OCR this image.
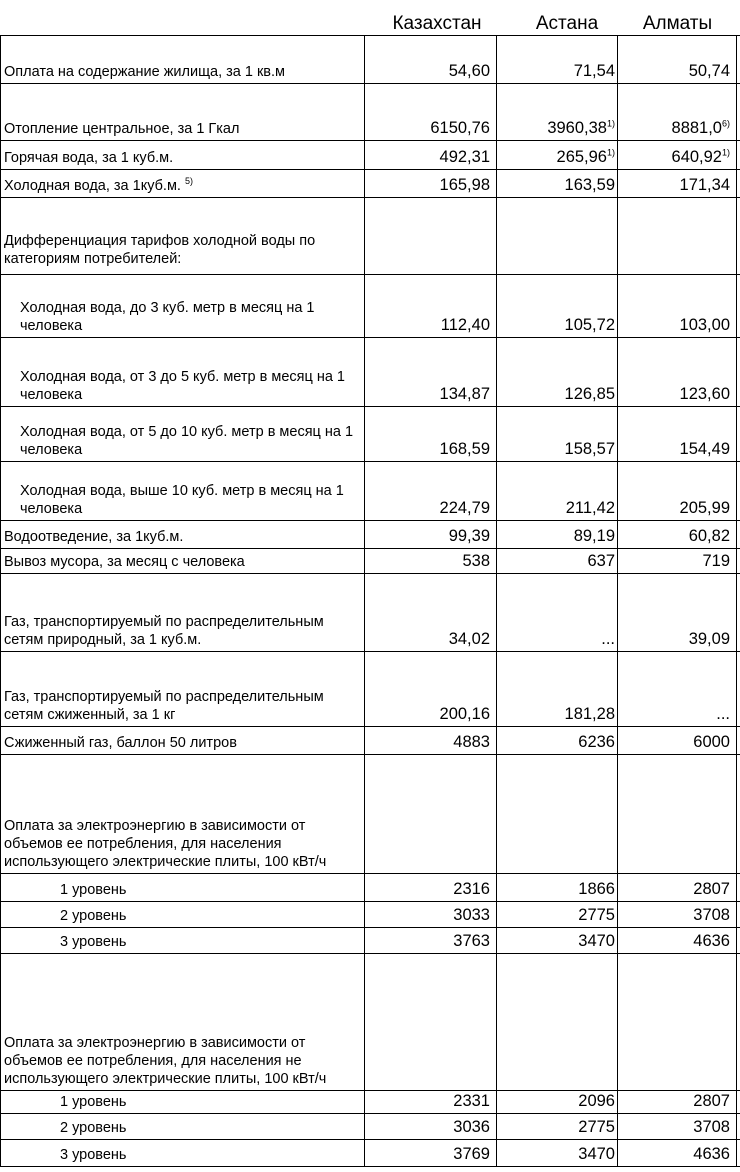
Казахстан	Астана	Алматы
Оплата на содержание жилища, за 1 кв.м	54,60	71,54	50,74
Отопление центральное, за 1 Гкал	6150,76	3960,38$^{1)}$	8881,0$^{6)}$
Горячая вода, за 1 куб.м.	492,31	265,96$^{1)}$	640,92$^{1)}$
Холодная вода, за 1куб.м. $^{5)}$	165,98	163,59	171,34
Дифференциация тарифов холодной воды по категориям потребителей:
Холодная вода, до 3 куб. метр в месяц на 1 человека	112,40	105,72	103,00
Холодная вода, от 3 до 5 куб. метр в месяц на 1 человека	134,87	126,85	123,60
Холодная вода, от 5 до 10 куб. метр в месяц на 1 человека	168,59	158,57	154,49
Холодная вода, выше 10 куб. метр в месяц на 1 человека	224,79	211,42	205,99
Водоотведение, за 1куб.м.	99,39	89,19	60,82
Вывоз мусора, за месяц с человека	538	637	719
Газ, транспортируемый по распределительным сетям природный, за 1 куб.м.	34,02	...	39,09
Газ, транспортируемый по распределительным сетям сжиженный, за 1 кг	200,16	181,28	...
Сжиженный газ, баллон 50 литров	4883	6236	6000
Оплата за электроэнергию в зависимости от объемов ее потребления, для населения использующего электрические плиты, 100 кВт/ч
1 уровень	2316	1866	2807
2 уровень	3033	2775	3708
3 уровень	3763	3470	4636
Оплата за электроэнергию в зависимости от объемов ее потребления, для населения не использующего электрические плиты, 100 кВт/ч
1 уровень	2331	2096	2807
2 уровень	3036	2775	3708
3 уровень	3769	3470	4636
